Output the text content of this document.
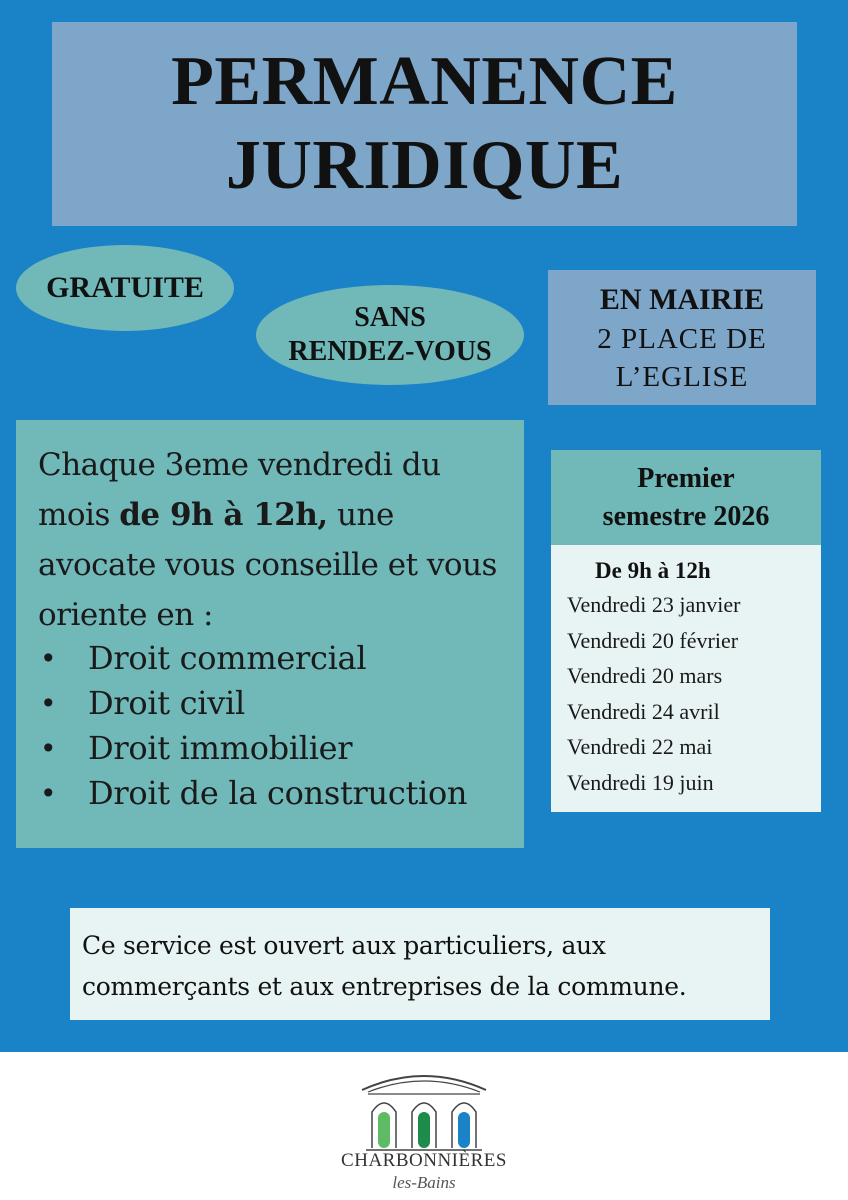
PERMANENCE
JURIDIQUE
GRATUITE
SANS
RENDEZ-VOUS
EN MAIRIE
2 PLACE DE
L’EGLISE

Chaque 3eme vendredi du mois de 9h à 12h, une avocate vous conseille et vous oriente en :

• Droit commercial
• Droit civil
• Droit immobilier
• Droit de la construction
Premier
semestre 2026
De 9h à 12h
Vendredi 23 janvier
Vendredi 20 février
Vendredi 20 mars
Vendredi 24 avril
Vendredi 22 mai
Vendredi 19 juin
Ce service est ouvert aux particuliers, aux
commerçants et aux entreprises de la commune.
CHARBONNIÈRES
les-Bains
